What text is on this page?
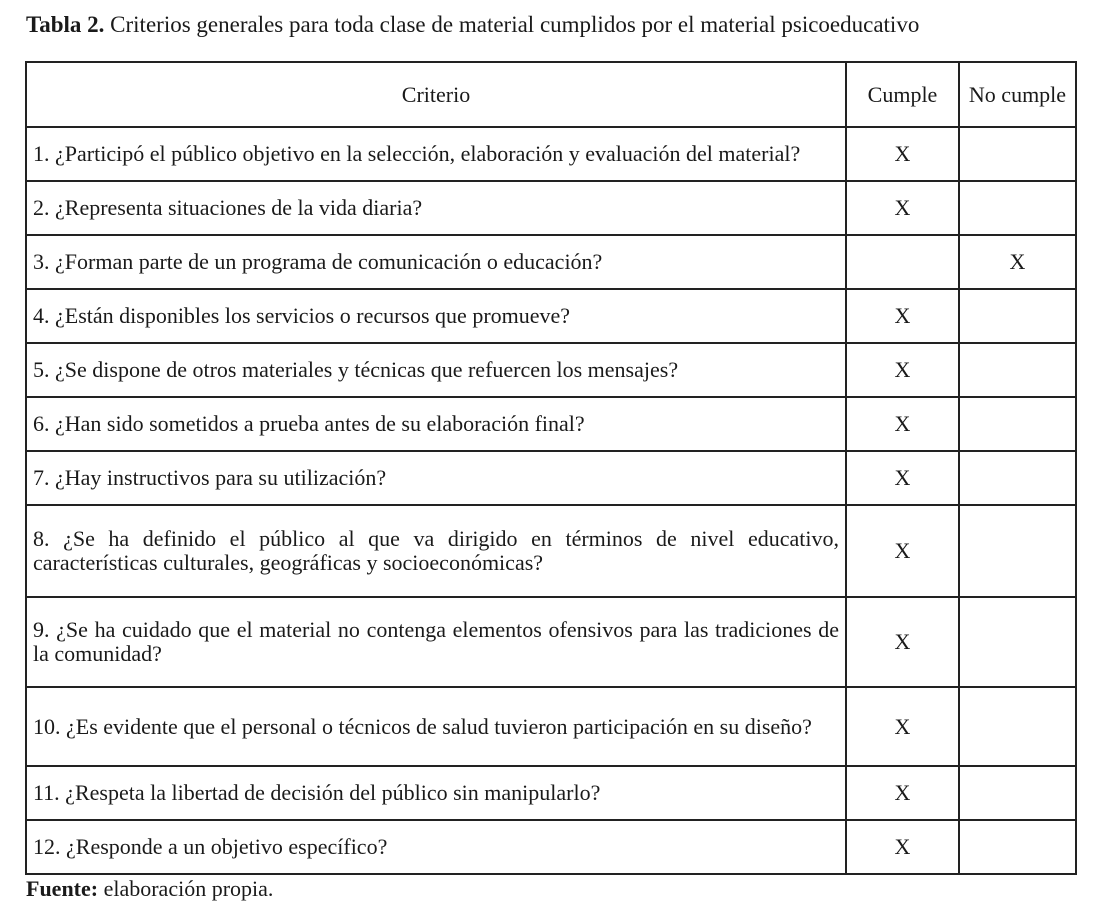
Tabla 2. Criterios generales para toda clase de material cumplidos por el material psicoeducativo
Criterio	Cumple	No cumple
1. ¿Participó el público objetivo en la selección, elaboración y evaluación del material?	X	
2. ¿Representa situaciones de la vida diaria?	X	
3. ¿Forman parte de un programa de comunicación o educación?		X
4. ¿Están disponibles los servicios o recursos que promueve?	X	
5. ¿Se dispone de otros materiales y técnicas que refuercen los mensajes?	X	
6. ¿Han sido sometidos a prueba antes de su elaboración final?	X	
7. ¿Hay instructivos para su utilización?	X	
8. ¿Se ha definido el público al que va dirigido en términos de nivel educativo, características culturales, geográficas y socioeconómicas?	X	
9. ¿Se ha cuidado que el material no contenga elementos ofensivos para las tradiciones de la comunidad?	X	
10. ¿Es evidente que el personal o técnicos de salud tuvieron participación en su diseño?	X	
11. ¿Respeta la libertad de decisión del público sin manipularlo?	X	
12. ¿Responde a un objetivo específico?	X	
Fuente: elaboración propia.
